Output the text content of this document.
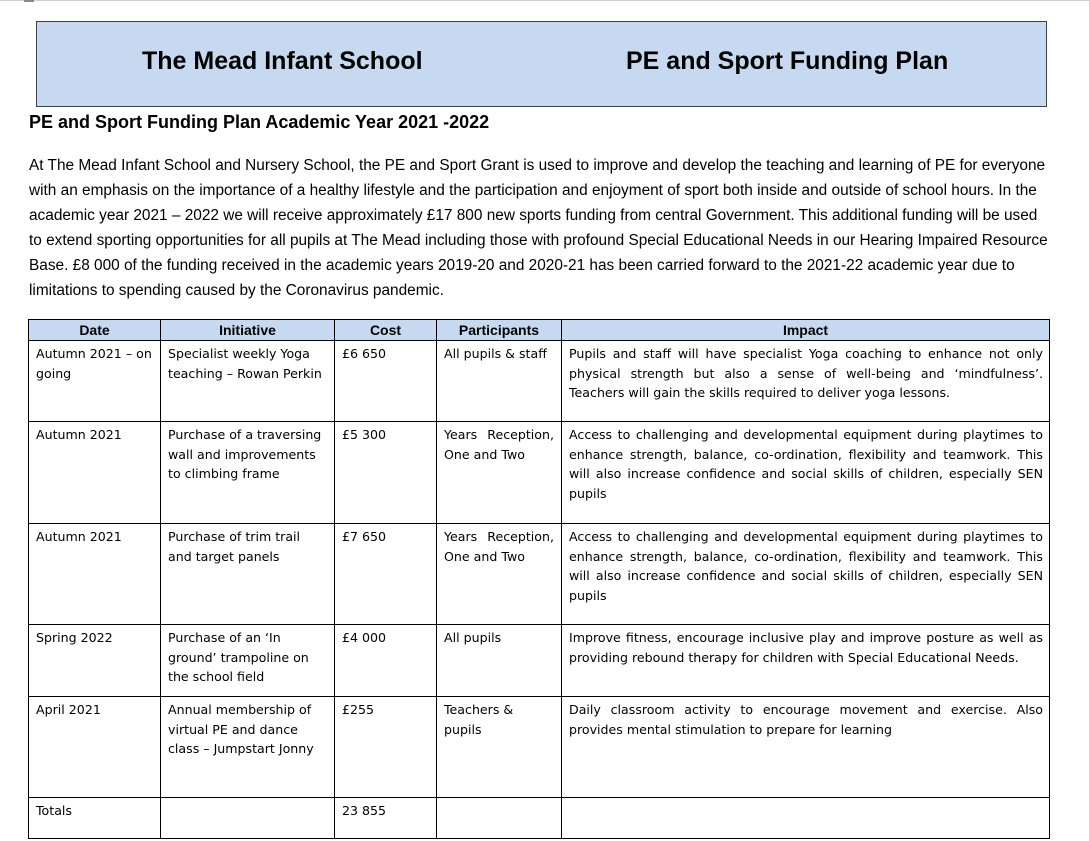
The Mead Infant School	PE and Sport Funding Plan
PE and Sport Funding Plan Academic Year 2021 -2022

At The Mead Infant School and Nursery School, the PE and Sport Grant is used to improve and develop the teaching and learning of PE for everyone with an emphasis on the importance of a healthy lifestyle and the participation and enjoyment of sport both inside and outside of school hours. In the academic year 2021 – 2022 we will receive approximately £17 800 new sports funding from central Government. This additional funding will be used to extend sporting opportunities for all pupils at The Mead including those with profound Special Educational Needs in our Hearing Impaired Resource Base. £8 000 of the funding received in the academic years 2019-20 and 2020-21 has been carried forward to the 2021-22 academic year due to limitations to spending caused by the Coronavirus pandemic.

Date	Initiative	Cost	Participants	Impact
Autumn 2021 – on going	Specialist weekly Yoga teaching – Rowan Perkin	£6 650	All pupils & staff	Pupils and staff will have specialist Yoga coaching to enhance not only physical strength but also a sense of well-being and ‘mindfulness’. Teachers will gain the skills required to deliver yoga lessons.
Autumn 2021	Purchase of a traversing wall and improvements to climbing frame	£5 300	Years Reception, One and Two	Access to challenging and developmental equipment during playtimes to enhance strength, balance, co-ordination, flexibility and teamwork. This will also increase confidence and social skills of children, especially SEN pupils
Autumn 2021	Purchase of trim trail and target panels	£7 650	Years Reception, One and Two	Access to challenging and developmental equipment during playtimes to enhance strength, balance, co-ordination, flexibility and teamwork. This will also increase confidence and social skills of children, especially SEN pupils
Spring 2022	Purchase of an ‘In ground’ trampoline on the school field	£4 000	All pupils	Improve fitness, encourage inclusive play and improve posture as well as providing rebound therapy for children with Special Educational Needs.
April 2021	Annual membership of virtual PE and dance class – Jumpstart Jonny	£255	Teachers & pupils	Daily classroom activity to encourage movement and exercise. Also provides mental stimulation to prepare for learning
Totals		23 855		
